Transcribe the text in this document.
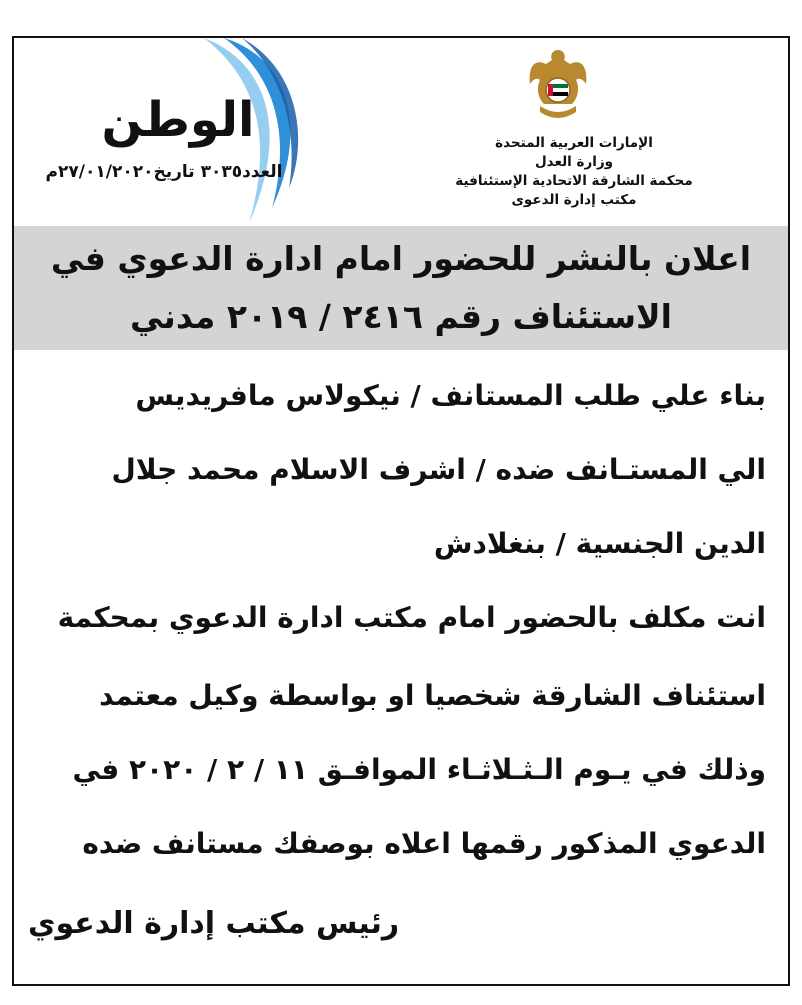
الوطن
العدد٣٠٣٥ تاريخ٢٧/٠١/٢٠٢٠م
الإمارات العربية المتحدة
وزارة العدل
محكمة الشارقة الاتحادية الإستئنافية
مكتب إدارة الدعوى
اعلان بالنشر للحضور امام ادارة الدعوي في
الاستئناف رقم ٢٤١٦ / ٢٠١٩ مدني
بناء علي طلب المستانف / نيكولاس مافريديس
الي المستـانف ضده / اشرف الاسلام محمد جلال
الدين الجنسية / بنغلادش
انت مكلف بالحضور امام مكتب ادارة الدعوي بمحكمة
استئناف الشارقة شخصيا او بواسطة وكيل معتمد
وذلك في يـوم الـثـلاثـاء الموافـق ١١ / ٢ / ٢٠٢٠ في
الدعوي المذكور رقمها اعلاه بوصفك مستانف ضده
رئيس مكتب إدارة الدعوي
